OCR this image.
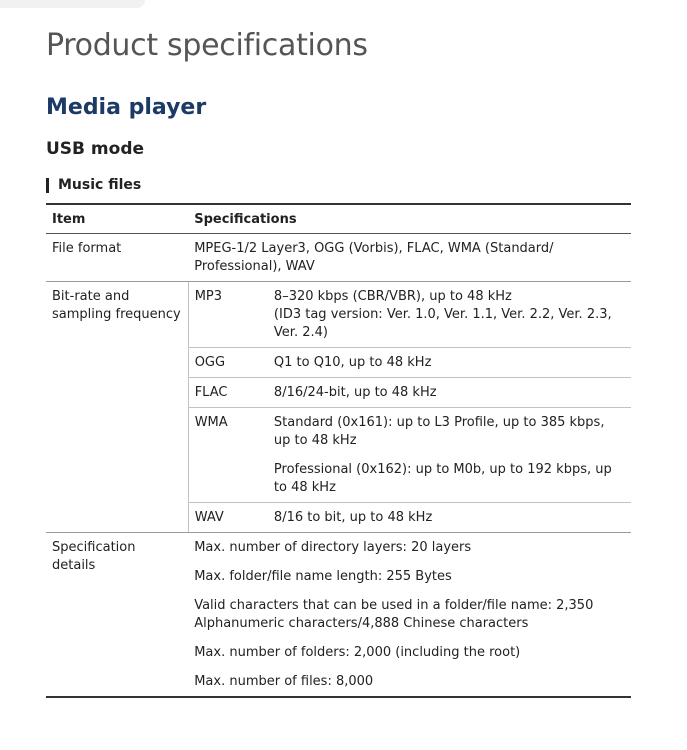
Product specifications
Media player
USB mode
Music files
Item	Specifications	
File format	MPEG-1/2 Layer3, OGG (Vorbis), FLAC, WMA (Standard/ Professional), WAV	
Bit-rate and sampling frequency	MP3	8–320 kbps (CBR/VBR), up to 48 kHz
(ID3 tag version: Ver. 1.0, Ver. 1.1, Ver. 2.2, Ver. 2.3, Ver. 2.4)

	OGG	Q1 to Q10, up to 48 kHz
	FLAC	8/16/24-bit, up to 48 kHz
	WMA	Standard (0x161): up to L3 Profile, up to 385 kbps, up to 48 kHz
		Professional (0x162): up to M0b, up to 192 kbps, up to 48 kHz
	WAV	8/16 to bit, up to 48 kHz
Specification details	Max. number of directory layers: 20 layers	
	Max. folder/file name length: 255 Bytes	
	Valid characters that can be used in a folder/file name: 2,350 Alphanumeric characters/4,888 Chinese characters	
	Max. number of folders: 2,000 (including the root)	
	Max. number of files: 8,000	
